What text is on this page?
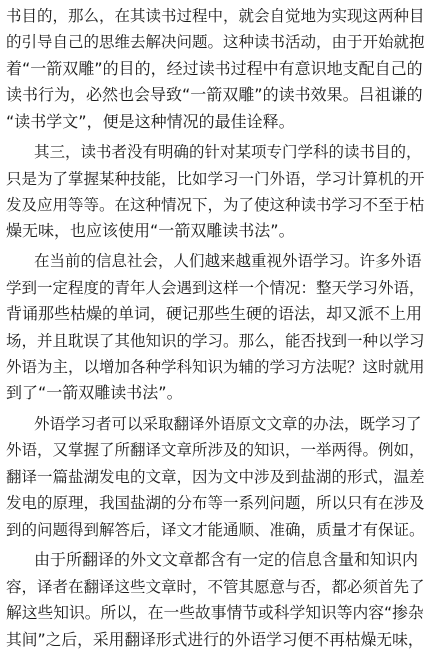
书目的，那么，在其读书过程中，就会自觉地为实现这两种目
的引导自己的思维去解决问题。这种读书活动，由于开始就抱
着“一箭双雕”的目的，经过读书过程中有意识地支配自己的
读书行为，必然也会导致“一箭双雕”的读书效果。吕祖谦的
“读书学文”，便是这种情况的最佳诠释。
其三，读书者没有明确的针对某项专门学科的读书目的，
只是为了掌握某种技能，比如学习一门外语，学习计算机的开
发及应用等等。在这种情况下，为了使这种读书学习不至于枯
燥无味，也应该使用“一箭双雕读书法”。
在当前的信息社会，人们越来越重视外语学习。许多外语
学到一定程度的青年人会遇到这样一个情况：整天学习外语，
背诵那些枯燥的单词，硬记那些生硬的语法，却又派不上用
场，并且耽误了其他知识的学习。那么，能否找到一种以学习
外语为主，以增加各种学科知识为辅的学习方法呢？这时就用
到了“一箭双雕读书法”。
外语学习者可以采取翻译外语原文文章的办法，既学习了
外语，又掌握了所翻译文章所涉及的知识，一举两得。例如，
翻译一篇盐湖发电的文章，因为文中涉及到盐湖的形式，温差
发电的原理，我国盐湖的分布等一系列问题，所以只有在涉及
到的问题得到解答后，译文才能通顺、准确，质量才有保证。
由于所翻译的外文文章都含有一定的信息含量和知识内
容，译者在翻译这些文章时，不管其愿意与否，都必须首先了
解这些知识。所以，在一些故事情节或科学知识等内容“掺杂
其间”之后，采用翻译形式进行的外语学习便不再枯燥无味，
